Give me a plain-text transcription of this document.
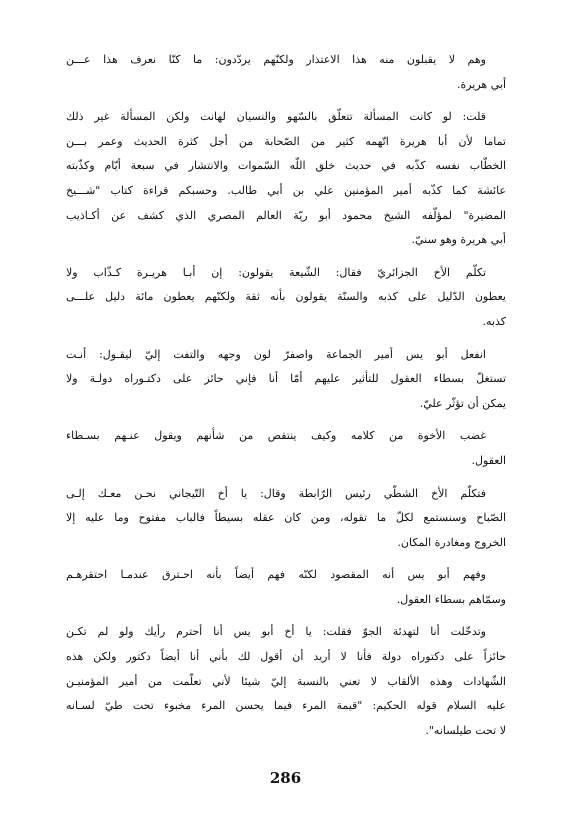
وهم لا يقبلون منه هذا الاعتذار ولكنّهم يردّدون: ما كنّا نعرف هذا عـــن
أبي هريرة.
قلت: لو كانت المسألة تتعلّق بالسّهو والنسيان لهانت ولكن المسألة غير ذلك
تماما لأن أبا هريرة اتّهمه كثير من الصّحابة من أجل كثرة الحديث وعمر بـــن
الخطّاب نفسه كذّبه في حديث خلق اللّه السّموات والانتشار في سبعة أيّام وكذّبته
عائشة كما كذّبه أمير المؤمنين علي بن أبي طالب. وحسبكم قراءة كتاب "شـــيخ
المضيرة" لمؤلّفه الشيخ محمود أبو ريّة العالم المصري الذي كشف عن أكـاذيب
أبي هريرة وهو سنيّ.
تكلّم الأخ الجزائريّ فقال: الشّيعة يقولون: إن أبـا هريـرة كـذّاب ولا
يعطون الدّليل على كذبه والسنّة يقولون بأنه ثقة ولكنّهم يعطون مائة دليل علـــى
كذبه.
انفعل أبو يس أمير الجماعة واصفرّ لون وجهه والتفت إليّ ليقـول: أنـت
تستغلّ بسطاء العقول للتأثير عليهم أمّا أنا فإني حائز على دكتـوراه دولـة ولا
يمكن أن تؤثّر عليّ.
غضب الأخوة من كلامه وكيف ينتقص من شأنهم ويقول عنـهم بسـطاء
العقول.
فتكلّم الأخ الشطّي رئيس الرّابطة وقال: يا أخ التّيجاني نحـن معـك إلـى
الصّباح وسنستمع لكلّ ما تقوله، ومن كان عقله بسيطاً فالباب مفتوح وما عليه إلا
الخروج ومغادرة المكان.
وفهم أبو يس أنه المقصود لكنّه فهم أيضاً بأنه احـترق عندمـا احتقرهـم
وسمّاهم بسطاء العقول.
وتدخّلت أنا لتهدئة الجوّ فقلت: يا أخ أبو يس أنا أحترم رأيك ولو لم تكـن
حائزاً على دكتوراه دولة فأنا لا أريد أن أقول لك بأني أنا أيضاً دكتور ولكن هذه
الشّهادات وهذه الألقاب لا تعني بالنسبة إليّ شيئا لأني تعلّمت من أمير المؤمنيـن
عليه السلام قوله الحكيم: "قيمة المرء فيما يحسن المرء مخبوء تحت طيّ لسـانه
لا تحت طيلسانه".
286
